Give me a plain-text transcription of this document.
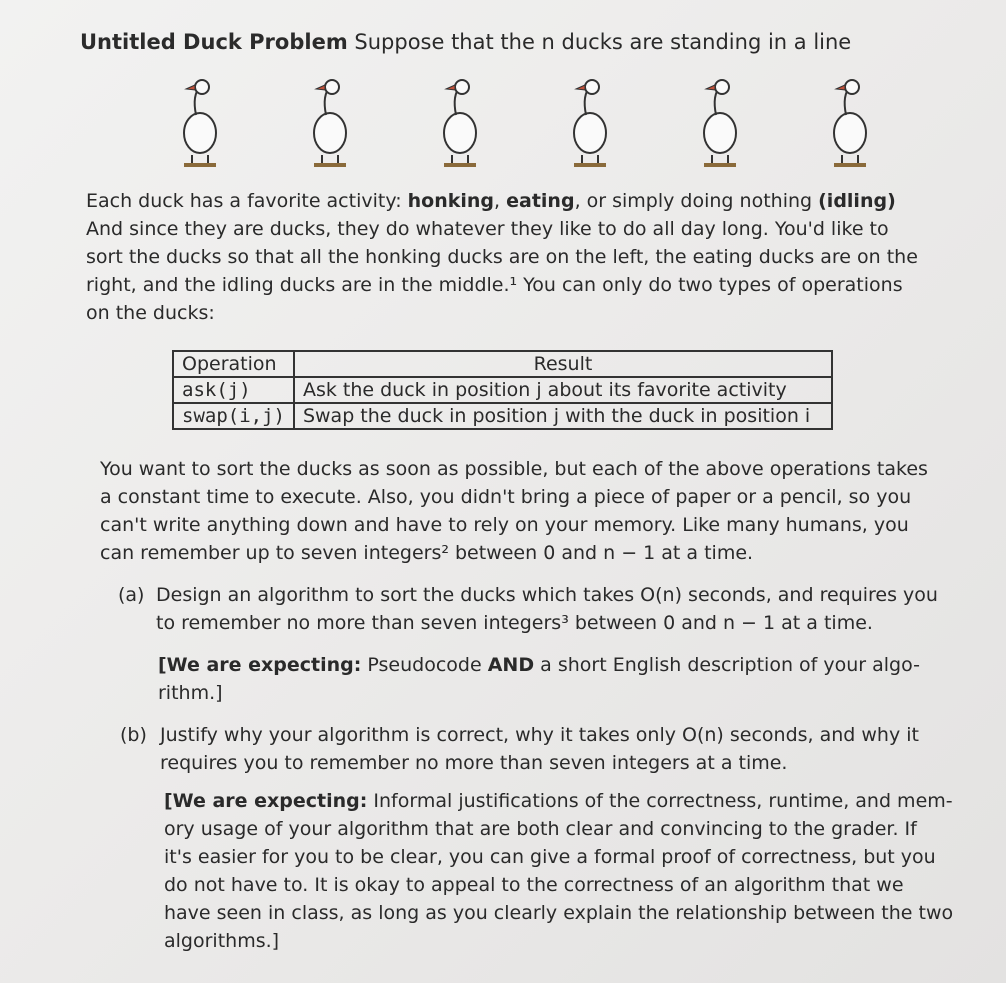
Untitled Duck Problem Suppose that the n ducks are standing in a line
Each duck has a favorite activity: honking, eating, or simply doing nothing (idling)
And since they are ducks, they do whatever they like to do all day long. You'd like to
sort the ducks so that all the honking ducks are on the left, the eating ducks are on the
right, and the idling ducks are in the middle.¹ You can only do two types of operations
on the ducks:
Operation	Result
ask(j)	Ask the duck in position j about its favorite activity
swap(i,j)	Swap the duck in position j with the duck in position i
You want to sort the ducks as soon as possible, but each of the above operations takes
a constant time to execute. Also, you didn't bring a piece of paper or a pencil, so you
can't write anything down and have to rely on your memory. Like many humans, you
can remember up to seven integers² between 0 and n − 1 at a time.
(a) Design an algorithm to sort the ducks which takes O(n) seconds, and requires you
to remember no more than seven integers³ between 0 and n − 1 at a time.
[We are expecting: Pseudocode AND a short English description of your algo-
rithm.]
(b) Justify why your algorithm is correct, why it takes only O(n) seconds, and why it
requires you to remember no more than seven integers at a time.
[We are expecting: Informal justifications of the correctness, runtime, and mem-
ory usage of your algorithm that are both clear and convincing to the grader. If
it's easier for you to be clear, you can give a formal proof of correctness, but you
do not have to. It is okay to appeal to the correctness of an algorithm that we
have seen in class, as long as you clearly explain the relationship between the two
algorithms.]
